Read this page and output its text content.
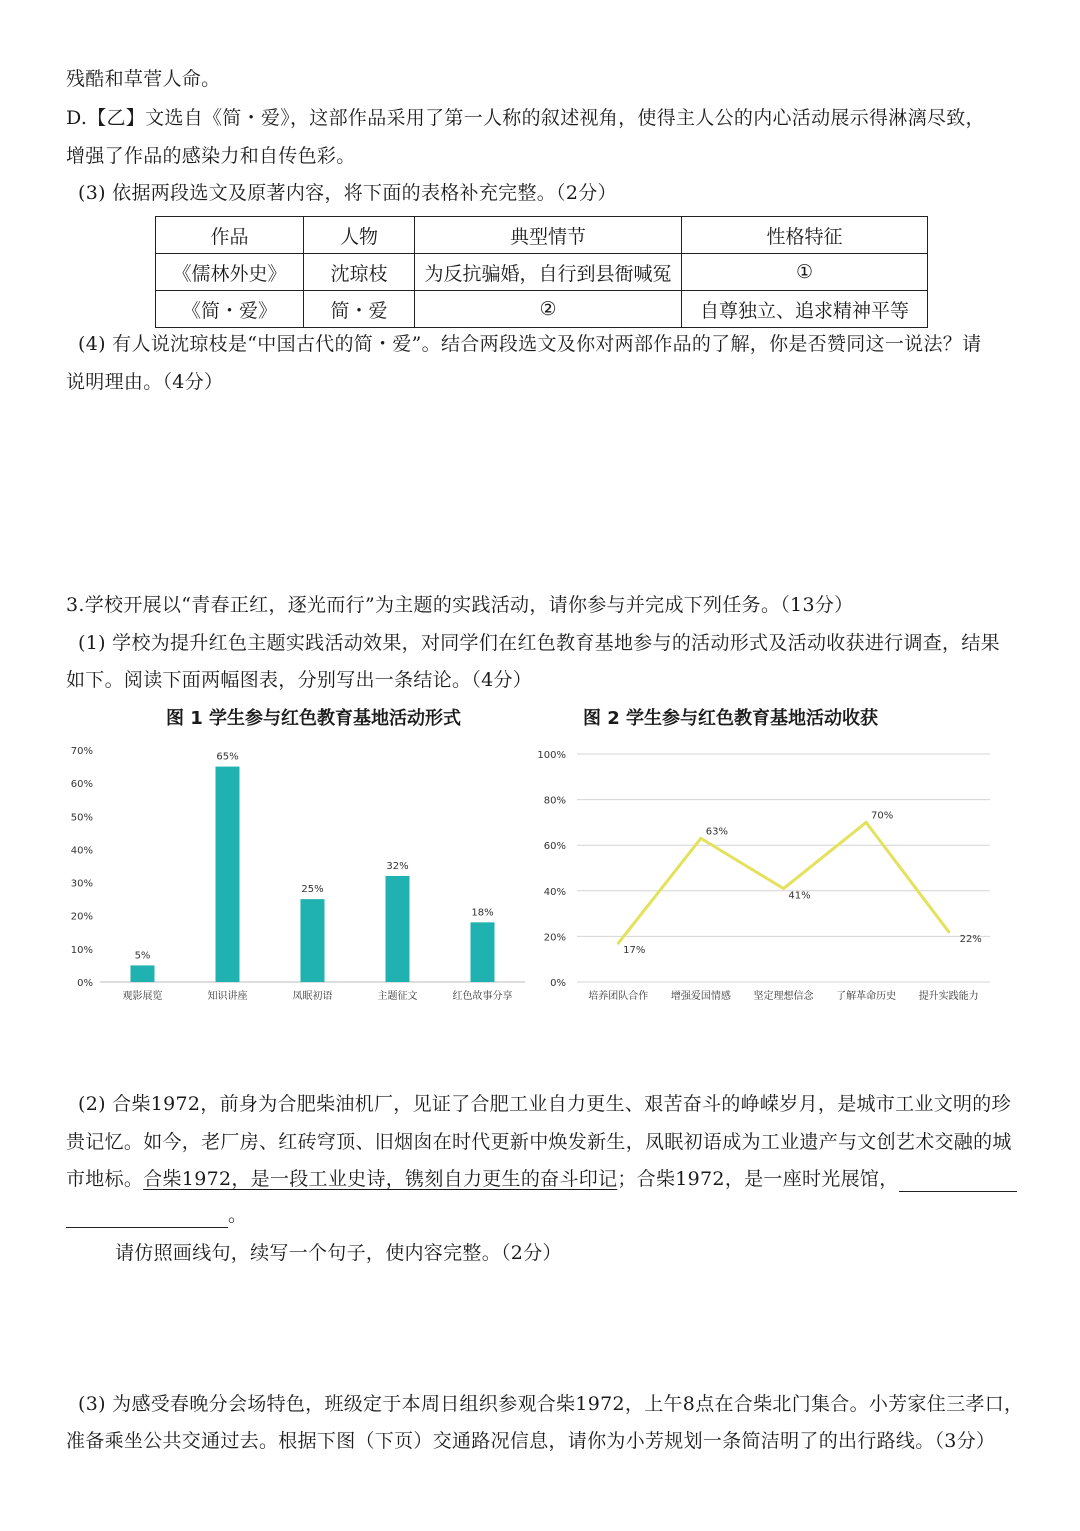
残酷和草菅人命。
D.【乙】文选自《简・爱》，这部作品采用了第一人称的叙述视角，使得主人公的内心活动展示得淋漓尽致，
增强了作品的感染力和自传色彩。
(3) 依据两段选文及原著内容，将下面的表格补充完整。（2分）
作品	人物	典型情节	性格特征
《儒林外史》	沈琼枝	为反抗骗婚，自行到县衙喊冤	①
《简・爱》	简・爱	②	自尊独立、追求精神平等
(4) 有人说沈琼枝是“中国古代的简・爱”。结合两段选文及你对两部作品的了解，你是否赞同这一说法？请
说明理由。（4分）
3.学校开展以“青春正红，逐光而行”为主题的实践活动，请你参与并完成下列任务。（13分）
(1) 学校为提升红色主题实践活动效果，对同学们在红色教育基地参与的活动形式及活动收获进行调查，结果
如下。阅读下面两幅图表，分别写出一条结论。（4分）
图 1 学生参与红色教育基地活动形式
0%
10%
20%
30%
40%
50%
60%
70%
5%
观影展览
65%
知识讲座
25%
凤眠初语
32%
主题征文
18%
红色故事分享
图 2 学生参与红色教育基地活动收获
0%
20%
40%
60%
80%
100%
17%
培养团队合作
63%
增强爱国情感
41%
坚定理想信念
70%
了解革命历史
22%
提升实践能力
(2) 合柴1972，前身为合肥柴油机厂，见证了合肥工业自力更生、艰苦奋斗的峥嵘岁月，是城市工业文明的珍
贵记忆。如今，老厂房、红砖穹顶、旧烟囱在时代更新中焕发新生，凤眠初语成为工业遗产与文创艺术交融的城
市地标。合柴1972，是一段工业史诗，镌刻自力更生的奋斗印记；合柴1972，是一座时光展馆，
。
请仿照画线句，续写一个句子，使内容完整。（2分）
(3) 为感受春晚分会场特色，班级定于本周日组织参观合柴1972，上午8点在合柴北门集合。小芳家住三孝口，
准备乘坐公共交通过去。根据下图（下页）交通路况信息，请你为小芳规划一条简洁明了的出行路线。（3分）
